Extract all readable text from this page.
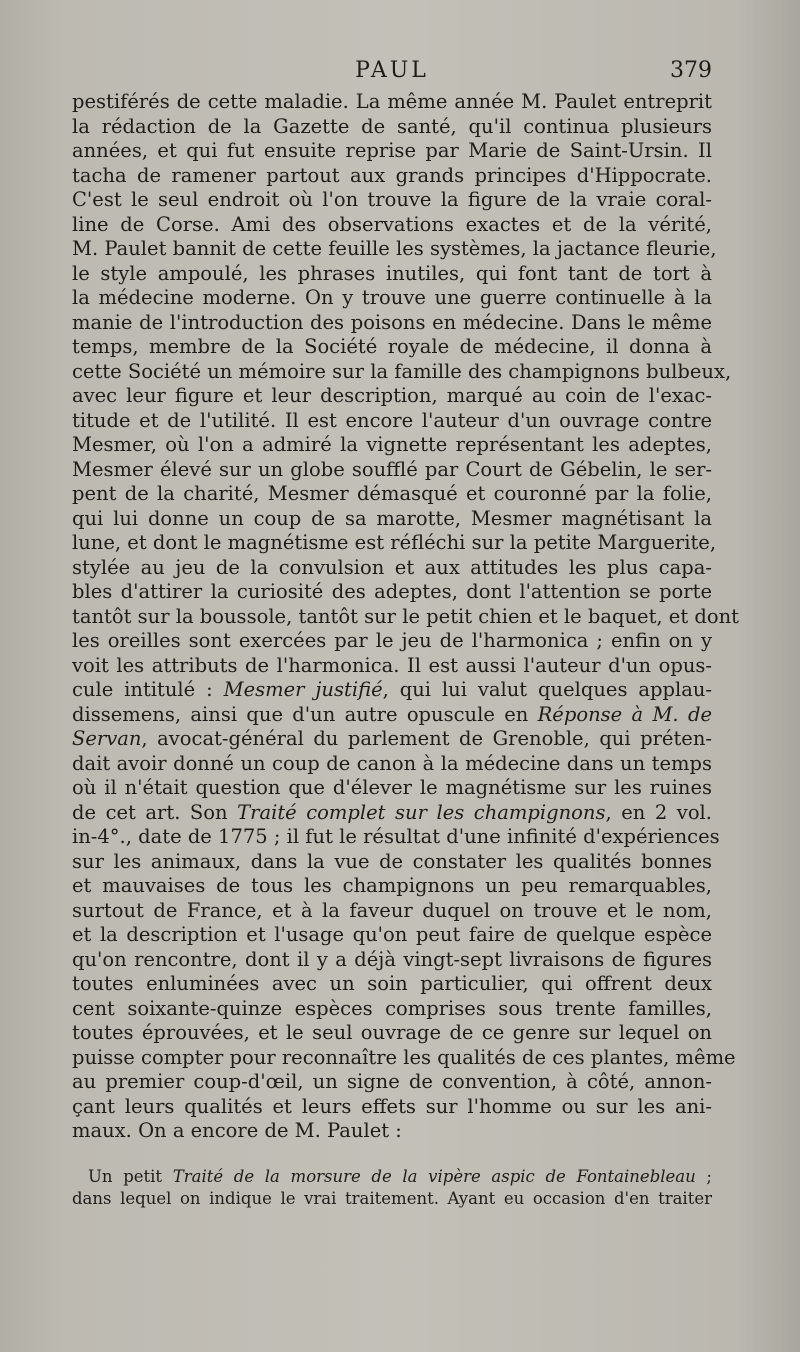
PAUL	379
pestiférés de cette maladie. La même année M. Paulet entreprit
la rédaction de la Gazette de santé, qu'il continua plusieurs
années, et qui fut ensuite reprise par Marie de Saint-Ursin. Il
tacha de ramener partout aux grands principes d'Hippocrate.
C'est le seul endroit où l'on trouve la figure de la vraie coral-
line de Corse. Ami des observations exactes et de la vérité,
M. Paulet bannit de cette feuille les systèmes, la jactance fleurie,
le style ampoulé, les phrases inutiles, qui font tant de tort à
la médecine moderne. On y trouve une guerre continuelle à la
manie de l'introduction des poisons en médecine. Dans le même
temps, membre de la Société royale de médecine, il donna à
cette Société un mémoire sur la famille des champignons bulbeux,
avec leur figure et leur description, marqué au coin de l'exac-
titude et de l'utilité. Il est encore l'auteur d'un ouvrage contre
Mesmer, où l'on a admiré la vignette représentant les adeptes,
Mesmer élevé sur un globe soufflé par Court de Gébelin, le ser-
pent de la charité, Mesmer démasqué et couronné par la folie,
qui lui donne un coup de sa marotte, Mesmer magnétisant la
lune, et dont le magnétisme est réfléchi sur la petite Marguerite,
stylée au jeu de la convulsion et aux attitudes les plus capa-
bles d'attirer la curiosité des adeptes, dont l'attention se porte
tantôt sur la boussole, tantôt sur le petit chien et le baquet, et dont
les oreilles sont exercées par le jeu de l'harmonica ; enfin on y
voit les attributs de l'harmonica. Il est aussi l'auteur d'un opus-
cule intitulé : Mesmer justifié, qui lui valut quelques applau-
dissemens, ainsi que d'un autre opuscule en Réponse à M. de
Servan, avocat-général du parlement de Grenoble, qui préten-
dait avoir donné un coup de canon à la médecine dans un temps
où il n'était question que d'élever le magnétisme sur les ruines
de cet art. Son Traité complet sur les champignons, en 2 vol.
in-4°., date de 1775 ; il fut le résultat d'une infinité d'expériences
sur les animaux, dans la vue de constater les qualités bonnes
et mauvaises de tous les champignons un peu remarquables,
surtout de France, et à la faveur duquel on trouve et le nom,
et la description et l'usage qu'on peut faire de quelque espèce
qu'on rencontre, dont il y a déjà vingt-sept livraisons de figures
toutes enluminées avec un soin particulier, qui offrent deux
cent soixante-quinze espèces comprises sous trente familles,
toutes éprouvées, et le seul ouvrage de ce genre sur lequel on
puisse compter pour reconnaître les qualités de ces plantes, même
au premier coup-d'œil, un signe de convention, à côté, annon-
çant leurs qualités et leurs effets sur l'homme ou sur les ani-
maux. On a encore de M. Paulet :
Un petit Traité de la morsure de la vipère aspic de Fontainebleau ;
dans lequel on indique le vrai traitement. Ayant eu occasion d'en traiter
